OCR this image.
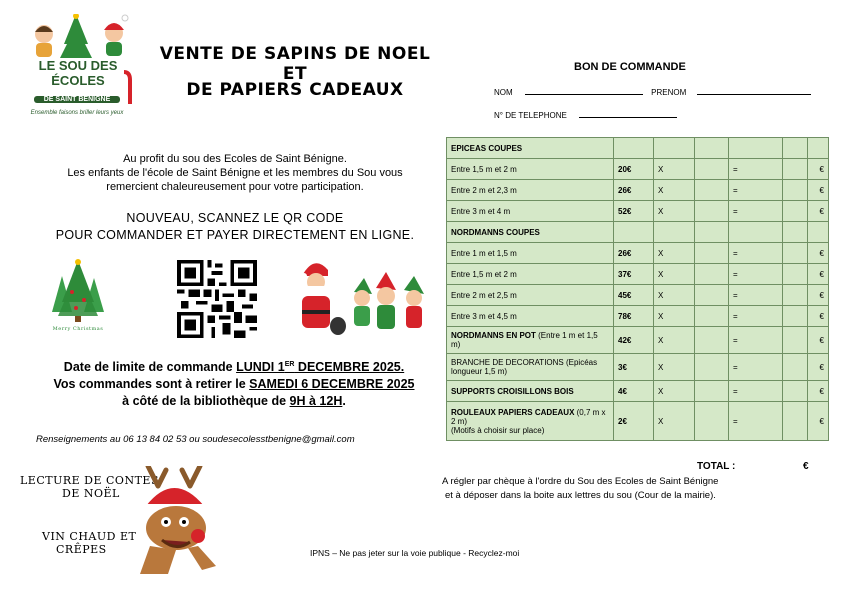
LE SOU DES ÉCOLES
DE SAINT BÉNIGNE
Ensemble faisons briller leurs yeux
VENTE DE SAPINS DE NOEL ET
DE PAPIERS CADEAUX
Au profit du sou des Ecoles de Saint Bénigne.
Les enfants de l'école de Saint Bénigne et les membres du Sou vous
remercient chaleureusement pour votre participation.
NOUVEAU, SCANNEZ LE QR CODE
POUR COMMANDER ET PAYER DIRECTEMENT EN LIGNE.
Merry Christmas
Date de limite de commande LUNDI 1ER DECEMBRE 2025.
Vos commandes sont à retirer le SAMEDI 6 DECEMBRE 2025
à côté de la bibliothèque de 9H à 12H.
Renseignements au 06 13 84 02 53 ou soudesecolesstbenigne@gmail.com
LECTURE DE CONTES
DE NOËL
VIN CHAUD ET
CRÊPES
BON DE COMMANDE
NOM	PRENOM
N° DE TELEPHONE
EPICEAS COUPES						
Entre 1,5 m et 2 m	20€	X		=		€
Entre 2 m et 2,3 m	26€	X		=		€
Entre 3 m et 4 m	52€	X		=		€
NORDMANNS COUPES						
Entre 1 m et 1,5 m	26€	X		=		€
Entre 1,5 m et 2 m	37€	X		=		€
Entre 2 m et 2,5 m	45€	X		=		€
Entre 3 m et 4,5 m	78€	X		=		€
NORDMANNS EN POT (Entre 1 m et 1,5 m)	42€	X		=		€
BRANCHE DE DECORATIONS (Epicéas longueur 1,5 m)	3€	X		=		€
SUPPORTS CROISILLONS BOIS	4€	X		=		€
ROULEAUX PAPIERS CADEAUX (0,7 m x 2 m)
(Motifs à choisir sur place)	2€	X		=		€
TOTAL :	€
A régler par chèque à l'ordre du Sou des Ecoles de Saint Bénigne
et à déposer dans la boite aux lettres du sou (Cour de la mairie).
IPNS – Ne pas jeter sur la voie publique - Recyclez-moi
